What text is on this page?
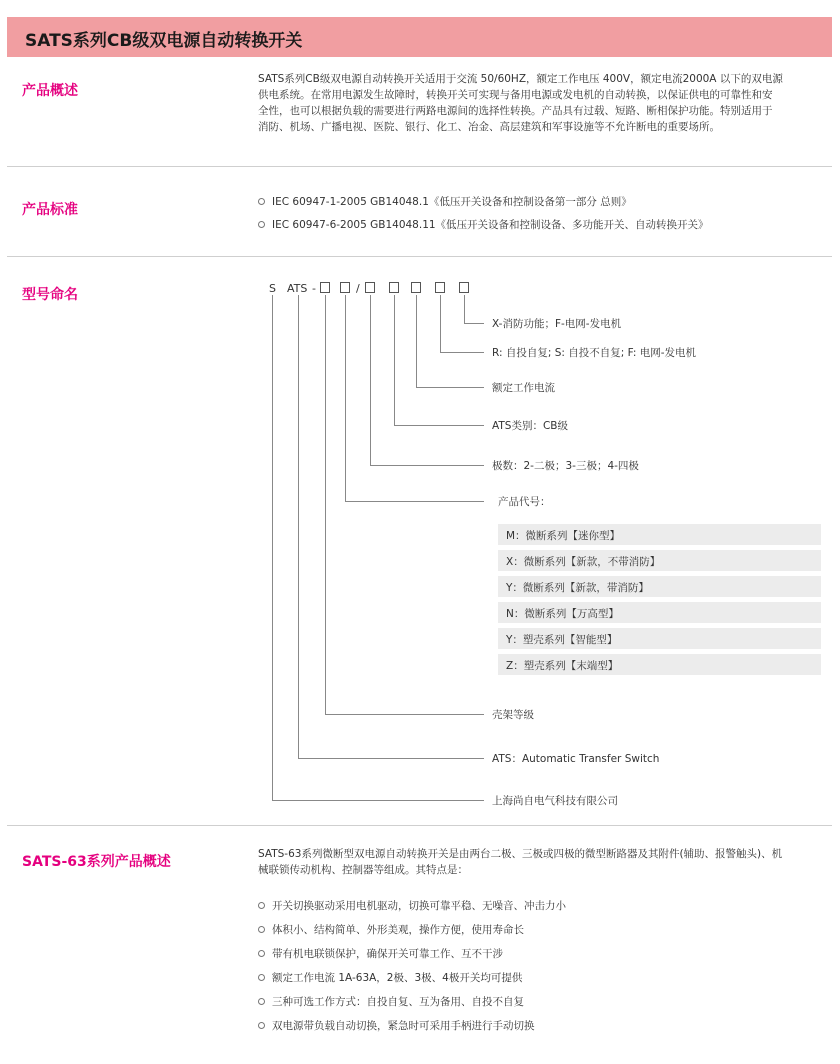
SATS系列CB级双电源自动转换开关
产品概述
SATS系列CB级双电源自动转换开关适用于交流 50/60HZ，额定工作电压 400V，额定电流2000A 以下的双电源
供电系统。在常用电源发生故障时，转换开关可实现与备用电源或发电机的自动转换，以保证供电的可靠性和安
全性，也可以根据负载的需要进行两路电源间的选择性转换。产品具有过载、短路、断相保护功能。特别适用于
消防、机场、广播电视、医院、银行、化工、冶金、高层建筑和军事设施等不允许断电的重要场所。
产品标准	IEC 60947-1-2005 GB14048.1《低压开关设备和控制设备第一部分 总则》
IEC 60947-6-2005 GB14048.11《低压开关设备和控制设备、多功能开关、自动转换开关》
型号命名	S ATS -	/
X-消防功能；F-电网-发电机
R: 自投自复; S: 自投不自复; F: 电网-发电机
额定工作电流
ATS类别：CB级
极数：2-二极；3-三极；4-四极
产品代号：
M：微断系列【迷你型】
X：微断系列【新款，不带消防】
Y：微断系列【新款，带消防】
N：微断系列【万高型】
Y：塑壳系列【智能型】
Z：塑壳系列【末端型】
壳架等级
ATS：Automatic Transfer Switch
上海尚自电气科技有限公司
SATS-63系列产品概述	SATS-63系列微断型双电源自动转换开关是由两台二极、三极或四极的微型断路器及其附件(辅助、报警触头)、机
械联锁传动机构、控制器等组成。其特点是：
开关切换驱动采用电机驱动，切换可靠平稳、无噪音、冲击力小
体积小、结构简单、外形美观，操作方便，使用寿命长
带有机电联锁保护，确保开关可靠工作、互不干涉
额定工作电流 1A-63A，2极、3极、4极开关均可提供
三种可选工作方式：自投自复、互为备用、自投不自复
双电源带负载自动切换，紧急时可采用手柄进行手动切换
